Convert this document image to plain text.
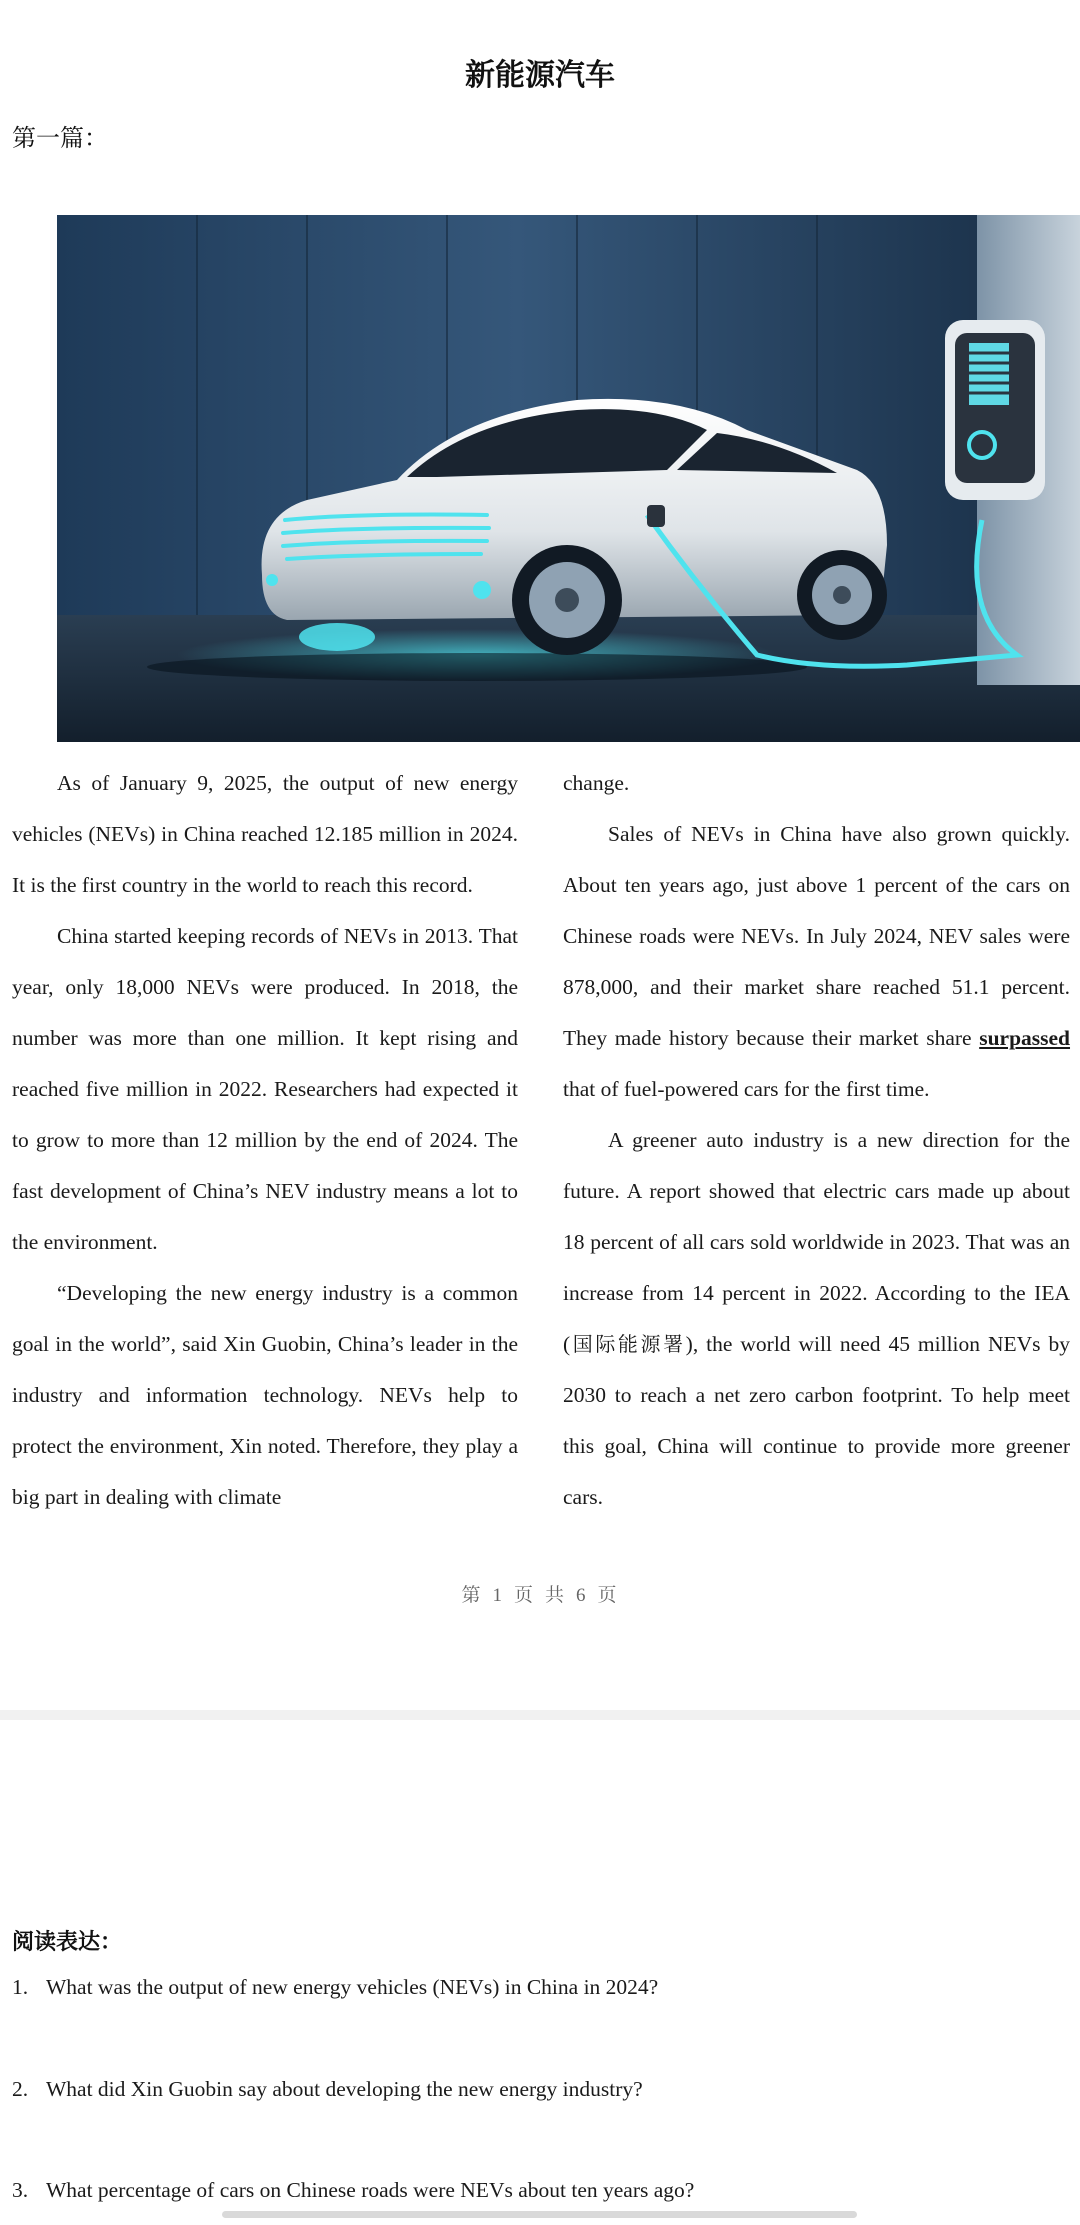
新能源汽车
第一篇：

As of January 9, 2025, the output of new energy vehicles (NEVs) in China reached 12.185 million in 2024. It is the first country in the world to reach this record.

China started keeping records of NEVs in 2013. That year, only 18,000 NEVs were produced. In 2018, the number was more than one million. It kept rising and reached five million in 2022. Researchers had expected it to grow to more than 12 million by the end of 2024. The fast development of China’s NEV industry means a lot to the environment.

“Developing the new energy industry is a common goal in the world”, said Xin Guobin, China’s leader in the industry and information technology. NEVs help to protect the environment, Xin noted. Therefore, they play a big part in dealing with climate

change.

Sales of NEVs in China have also grown quickly. About ten years ago, just above 1 percent of the cars on Chinese roads were NEVs. In July 2024, NEV sales were 878,000, and their market share reached 51.1 percent. They made history because their market share surpassed that of fuel-powered cars for the first time.

A greener auto industry is a new direction for the future. A report showed that electric cars made up about 18 percent of all cars sold worldwide in 2023. That was an increase from 14 percent in 2022. According to the IEA (国际能源署), the world will need 45 million NEVs by 2030 to reach a net zero carbon footprint. To help meet this goal, China will continue to provide more greener cars.

第 1 页 共 6 页
阅读表达：
1. What was the output of new energy vehicles (NEVs) in China in 2024?
2. What did Xin Guobin say about developing the new energy industry?
3. What percentage of cars on Chinese roads were NEVs about ten years ago?
